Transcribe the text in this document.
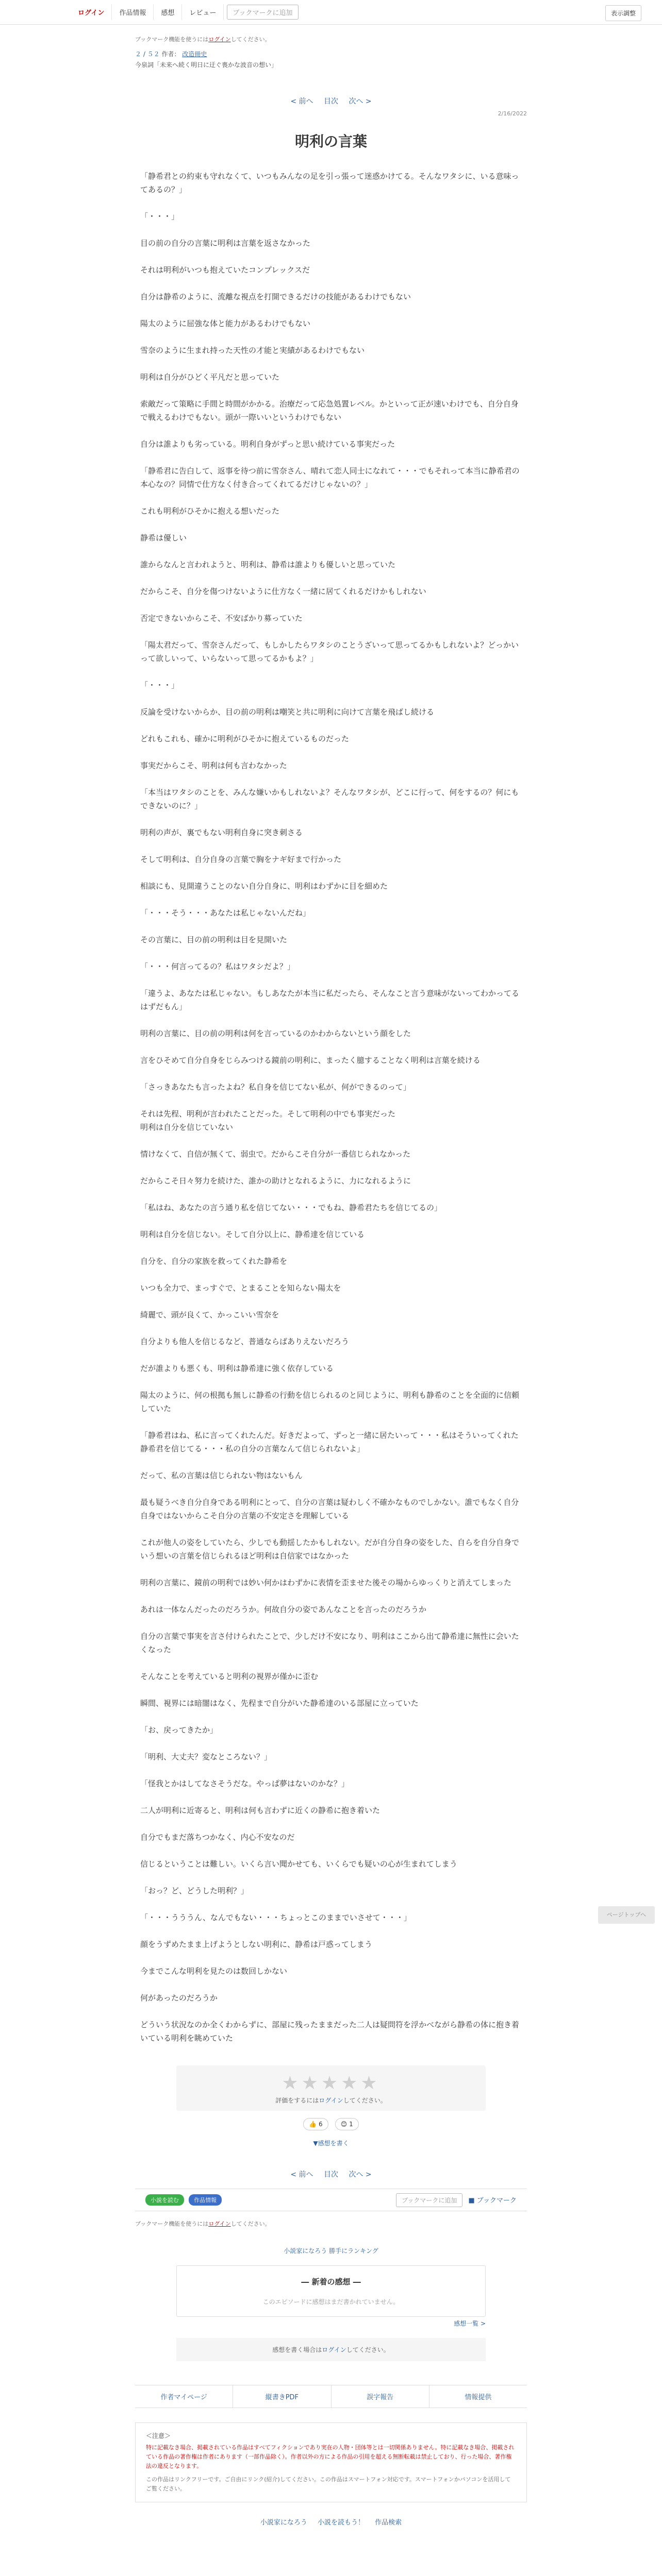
ログイン	作品情報	感想	レビュー	ブックマークに追加	表示調整
ブックマーク機能を使うにはログインしてください。
２ / ５２ 作者： 改造冊史
今泉詞「未来へ続く明日に迂ぐ喪かな波音の想い」
< 前へ 目次 次へ >
2/16/2022
明利の言葉

「静希君との約束も守れなくて、いつもみんなの足を引っ張って迷惑かけてる。そんなワタシに、いる意味ってあるの？」

「・・・」

目の前の自分の言葉に明利は言葉を返さなかった

それは明利がいつも抱えていたコンプレックスだ

自分は静希のように、流離な視点を打開できるだけの技能があるわけでもない

陽太のように屈強な体と能力があるわけでもない

雪奈のように生まれ持った天性の才能と実績があるわけでもない

明利は自分がひどく平凡だと思っていた

索敵だって策略に手間と時間がかかる。治療だって応急処置レベル。かといって正が速いわけでも、自分自身で戦えるわけでもない。頭が一際いいというわけでもない

自分は誰よりも劣っている。明利自身がずっと思い続けている事実だった

「静希君に告白して、返事を待つ前に雪奈さん、晴れて恋人同士になれて・・・でもそれって本当に静希君の本心なの？同情で仕方なく付き合ってくれてるだけじゃないの？」

これも明利がひそかに抱える想いだった

静希は優しい

誰からなんと言われようと、明利は、静希は誰よりも優しいと思っていた

だからこそ、自分を傷つけないように仕方なく一緒に居てくれるだけかもしれない

否定できないからこそ、不安ばかり募っていた

「陽太君だって、雪奈さんだって、もしかしたらワタシのことうざいって思ってるかもしれないよ？どっかいって欲しいって、いらないって思ってるかもよ？」

「・・・」

反論を受けないからか、目の前の明利は嘲笑と共に明利に向けて言葉を飛ばし続ける

どれもこれも、確かに明利がひそかに抱えているものだった

事実だからこそ、明利は何も言わなかった

「本当はワタシのことを、みんな嫌いかもしれないよ？そんなワタシが、どこに行って、何をするの？何にもできないのに？」

明利の声が、裏でもない明利自身に突き刺さる

そして明利は、自分自身の言葉で胸をナギ好まで行かった

相談にも、見開違うことのない自分自身に、明利はわずかに目を細めた

「・・・そう・・・あなたは私じゃないんだね」

その言葉に、目の前の明利は目を見開いた

「・・・何言ってるの？私はワタシだよ？」

「違うよ、あなたは私じゃない。もしあなたが本当に私だったら、そんなこと言う意味がないってわかってるはずだもん」

明利の言葉に、目の前の明利は何を言っているのかわからないという顔をした

言をひそめて自分自身をじらみつける鏡前の明利に、まったく臆することなく明利は言葉を続ける

「さっきあなたも言ったよね？私自身を信じてない私が、何ができるのって」

それは先程、明利が言われたことだった。そして明利の中でも事実だった
明利は自分を信じていない

情けなくて、自信が無くて、弱虫で。だからこそ自分が一番信じられなかった

だからこそ日々努力を続けた、誰かの助けとなれるように、力になれるように

「私はね、あなたの言う通り私を信じてない・・・でもね、静希君たちを信じてるの」

明利は自分を信じない。そして自分以上に、静希達を信じている

自分を、自分の家族を救ってくれた静希を

いつも全力で、まっすぐで、とまることを知らない陽太を

綺麗で、頭が良くて、かっこいい雪奈を

自分よりも他人を信じるなど、普通ならばありえないだろう

だが誰よりも悪くも、明利は静希達に強く依存している

陽太のように、何の根拠も無しに静希の行動を信じられるのと同じように、明利も静希のことを全面的に信頼していた

「静希君はね、私に言ってくれたんだ。好きだよって、ずっと一緒に居たいって・・・私はそういってくれた静希君を信じてる・・・私の自分の言葉なんて信じられないよ」

だって、私の言葉は信じられない物はないもん

最も疑うべき自分自身である明利にとって、自分の言葉は疑わしく不確かなものでしかない。誰でもなく自分自身ではないからこそ自分の言葉の不安定さを理解している

これが他人の姿をしていたら、少しでも動揺したかもしれない。だが自分自身の姿をした、自らを自分自身でいう想いの言葉を信じられるほど明利は自信家ではなかった

明利の言葉に、鏡前の明利では妙い何かはわずかに表情を歪ませた後その場からゆっくりと消えてしまった

あれは一体なんだったのだろうか。何故自分の姿であんなことを言ったのだろうか

自分の言葉で事実を言さ付けられたことで、少しだけ不安になり、明利はここから出て静希達に無性に会いたくなった

そんなことを考えていると明利の視界が僅かに歪む

瞬間、視界には暗闇はなく、先程まで自分がいた静希達のいる部屋に立っていた

「お、戻ってきたか」

「明利、大丈夫？変なところない？」

「怪我とかはしてなさそうだな。やっぱ夢はないのかな？」

二人が明利に近寄ると、明利は何も言わずに近くの静希に抱き着いた

自分でもまだ落ちつかなく、内心不安なのだ

信じるということは難しい。いくら言い聞かせても、いくらでも疑いの心が生まれてしまう

「おっ？ど、どうした明利？」

「・・・うううん、なんでもない・・・ちょっとこのままでいさせて・・・」

顔をうずめたまま上げようとしない明利に、静希は戸惑ってしまう

今までこんな明利を見たのは数回しかない

何があったのだろうか

どういう状況なのか全くわからずに、部屋に残ったままだった二人は疑問符を浮かべながら静希の体に抱き着いている明利を眺めていた

★★★★★
評価をするにはログインしてください。
👍 6	😊 1
▼感想を書く
< 前へ 目次 次へ >
小説を読む	作品情報	ブックマークに追加 ■ ブックマーク
ブックマーク機能を使うにはログインしてください。
小説家になろう 勝手にランキング
― 新着の感想 ―
このエピソードに感想はまだ書かれていません。
感想一覧 >
感想を書く場合はログインしてください。
作者マイページ	縦書きPDF	誤字報告	情報提供
＜注意＞
特に記載なき場合、掲載されている作品はすべてフィクションであり実在の人物・団体等とは一切関係ありません。特に記載なき場合、掲載されている作品の著作権は作者にあります（一部作品除く）。作者以外の方による作品の引用を超える無断転載は禁止しており、行った場合、著作権法の違反となります。
この作品はリンクフリーです。ご自由にリンク(紹介)してください。この作品はスマートフォン対応です。スマートフォンかパソコンを活用してご覧ください。
小説家になろう 小説を読もう！ 作品検索
ページトップへ
